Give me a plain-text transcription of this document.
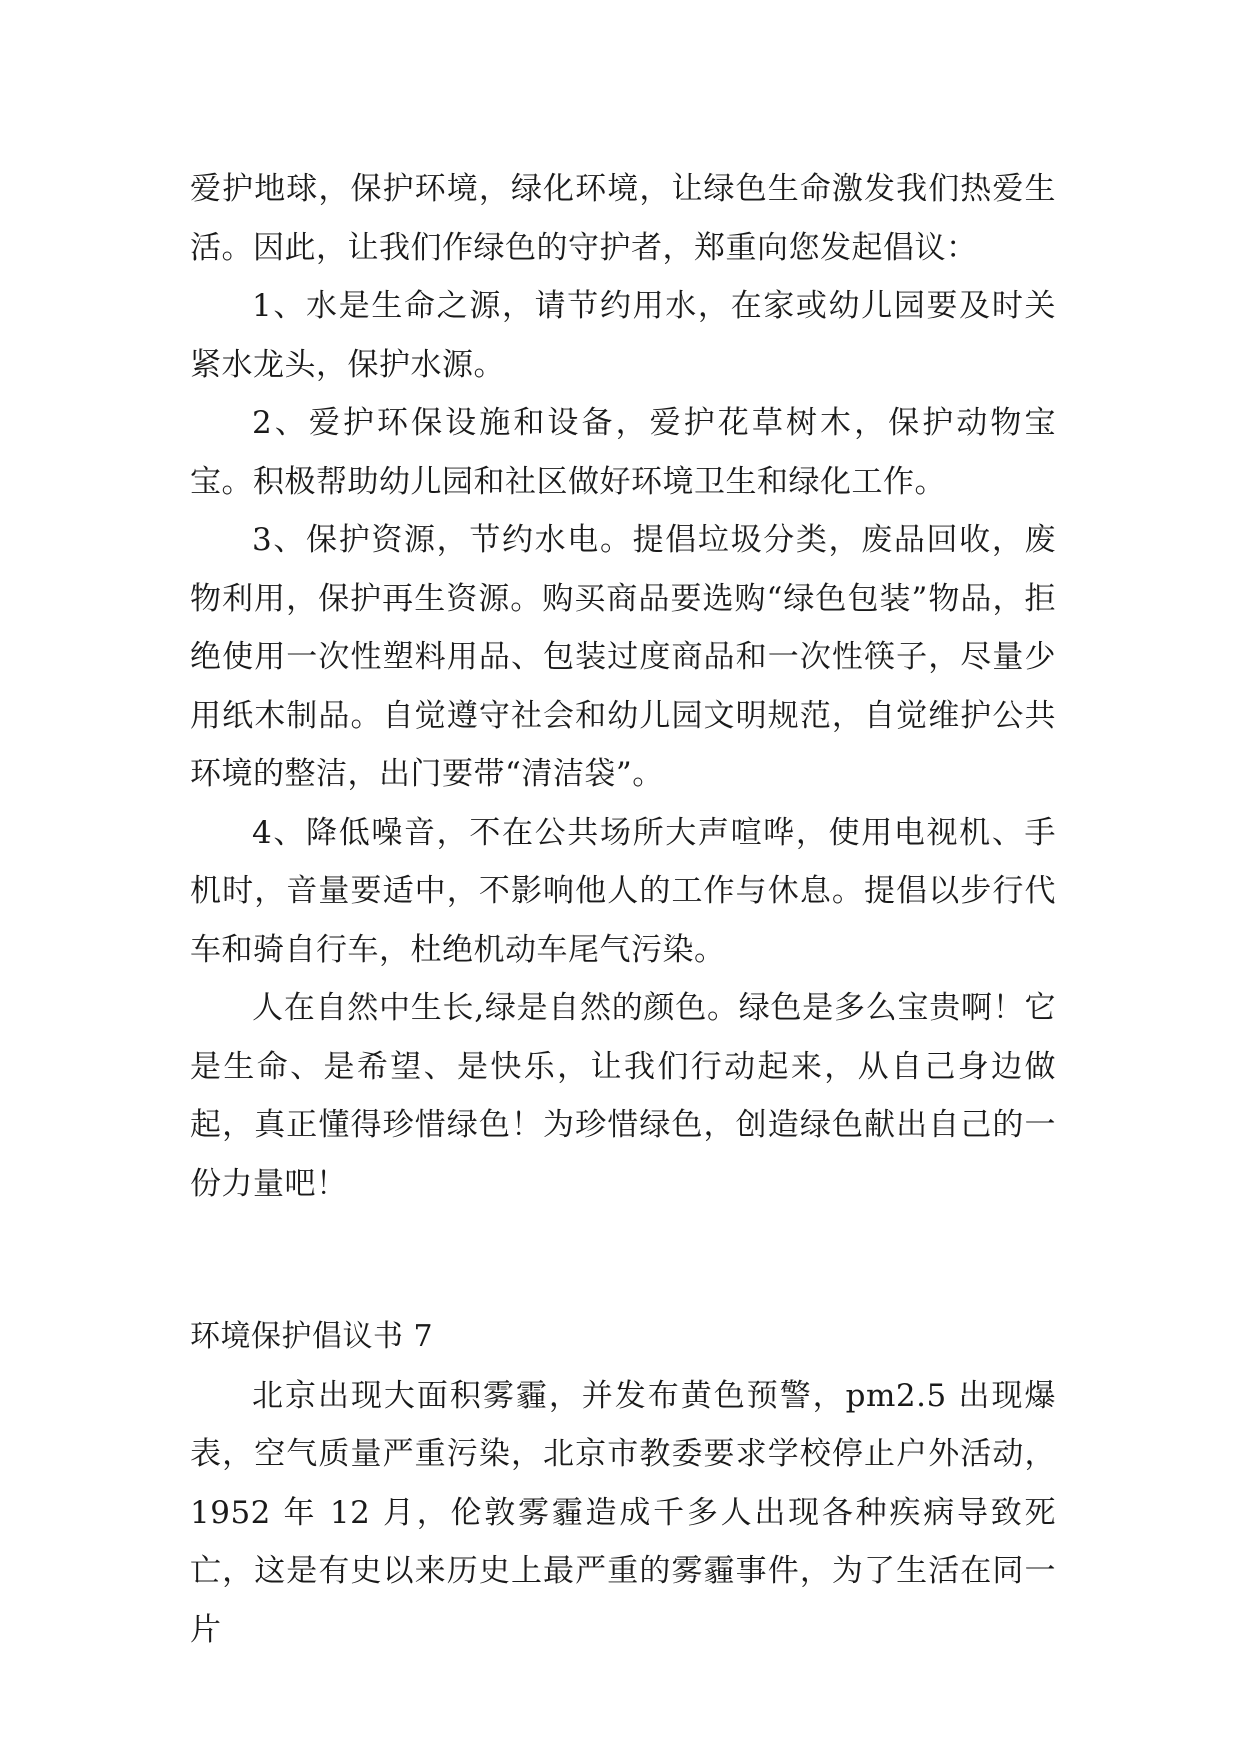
爱护地球，保护环境，绿化环境，让绿色生命激发我们热爱生活。因此，让我们作绿色的守护者，郑重向您发起倡议：

1、水是生命之源，请节约用水，在家或幼儿园要及时关紧水龙头，保护水源。

2、爱护环保设施和设备，爱护花草树木，保护动物宝宝。积极帮助幼儿园和社区做好环境卫生和绿化工作。

3、保护资源，节约水电。提倡垃圾分类，废品回收，废物利用，保护再生资源。购买商品要选购“绿色包装”物品，拒绝使用一次性塑料用品、包装过度商品和一次性筷子，尽量少用纸木制品。自觉遵守社会和幼儿园文明规范，自觉维护公共环境的整洁，出门要带“清洁袋”。

4、降低噪音，不在公共场所大声喧哗，使用电视机、手机时，音量要适中，不影响他人的工作与休息。提倡以步行代车和骑自行车，杜绝机动车尾气污染。

人在自然中生长,绿是自然的颜色。绿色是多么宝贵啊！它是生命、是希望、是快乐，让我们行动起来，从自己身边做起，真正懂得珍惜绿色！为珍惜绿色，创造绿色献出自己的一份力量吧！

环境保护倡议书 7

北京出现大面积雾霾，并发布黄色预警，pm2.5 出现爆表，空气质量严重污染，北京市教委要求学校停止户外活动，1952 年 12 月，伦敦雾霾造成千多人出现各种疾病导致死亡，这是有史以来历史上最严重的雾霾事件，为了生活在同一片
